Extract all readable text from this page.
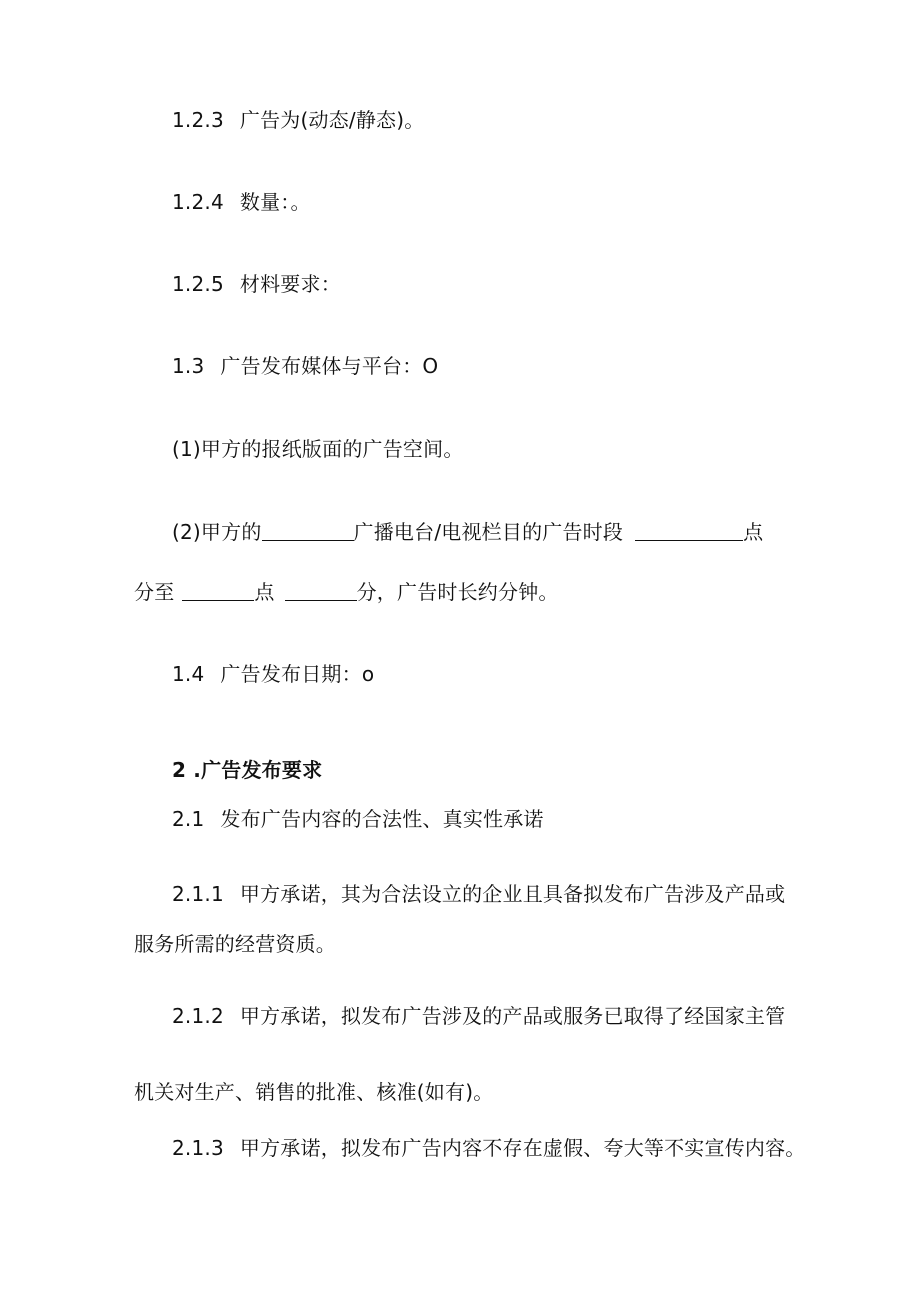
1.2.3 广告为(动态/静态)。
1.2.4 数量：。
1.2.5 材料要求：
1.3 广告发布媒体与平台：O
(1)甲方的报纸版面的广告空间。
(2)甲方的	广播电台/电视栏目的广告时段	点
分至	点	分，广告时长约分钟。
1.4 广告发布日期：o
2 .广告发布要求
2.1 发布广告内容的合法性、真实性承诺
2.1.1 甲方承诺，其为合法设立的企业且具备拟发布广告涉及产品或
服务所需的经营资质。
2.1.2 甲方承诺，拟发布广告涉及的产品或服务已取得了经国家主管
机关对生产、销售的批准、核准(如有)。
2.1.3 甲方承诺，拟发布广告内容不存在虚假、夸大等不实宣传内容。
